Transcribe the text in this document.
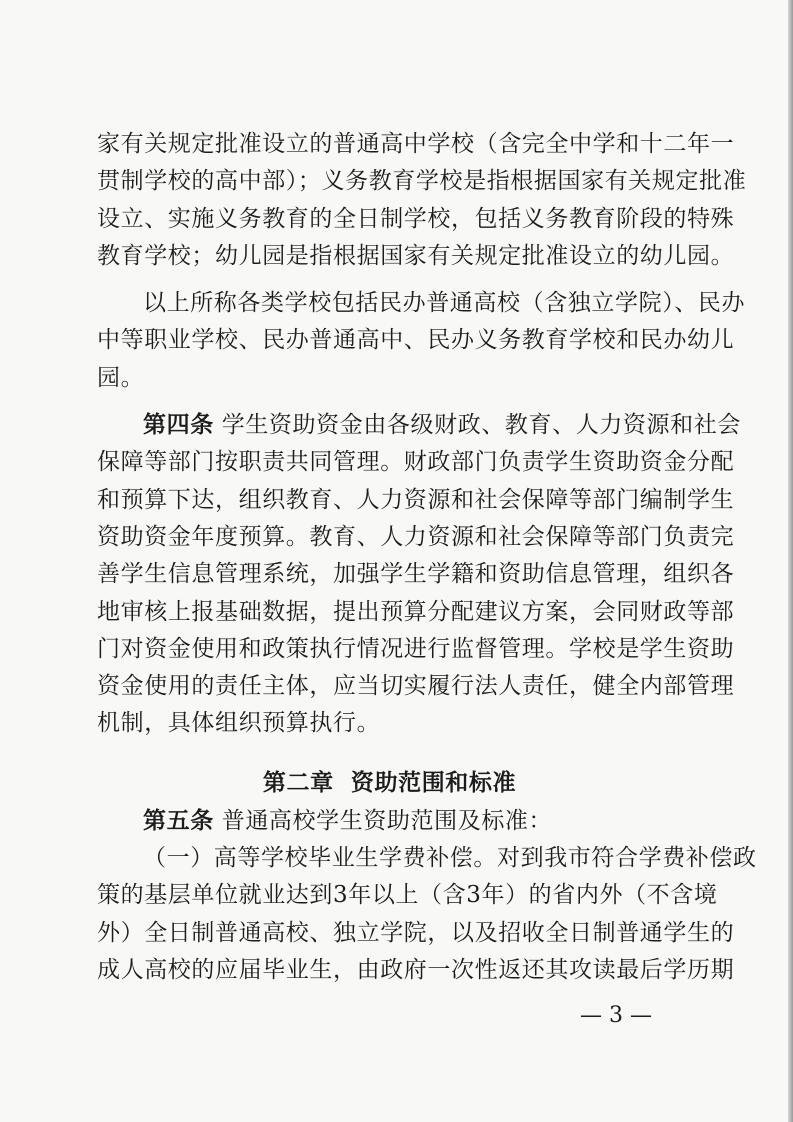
家有关规定批准设立的普通高中学校（含完全中学和十二年一
贯制学校的高中部）；义务教育学校是指根据国家有关规定批准
设立、实施义务教育的全日制学校，包括义务教育阶段的特殊
教育学校；幼儿园是指根据国家有关规定批准设立的幼儿园。
以上所称各类学校包括民办普通高校（含独立学院）、民办
中等职业学校、民办普通高中、民办义务教育学校和民办幼儿
园。
第四条 学生资助资金由各级财政、教育、人力资源和社会
保障等部门按职责共同管理。财政部门负责学生资助资金分配
和预算下达，组织教育、人力资源和社会保障等部门编制学生
资助资金年度预算。教育、人力资源和社会保障等部门负责完
善学生信息管理系统，加强学生学籍和资助信息管理，组织各
地审核上报基础数据，提出预算分配建议方案，会同财政等部
门对资金使用和政策执行情况进行监督管理。学校是学生资助
资金使用的责任主体，应当切实履行法人责任，健全内部管理
机制，具体组织预算执行。
第二章 资助范围和标准
第五条 普通高校学生资助范围及标准：
（一）高等学校毕业生学费补偿。对到我市符合学费补偿政
策的基层单位就业达到3年以上（含3年）的省内外（不含境
外）全日制普通高校、独立学院，以及招收全日制普通学生的
成人高校的应届毕业生，由政府一次性返还其攻读最后学历期
— 3 —
